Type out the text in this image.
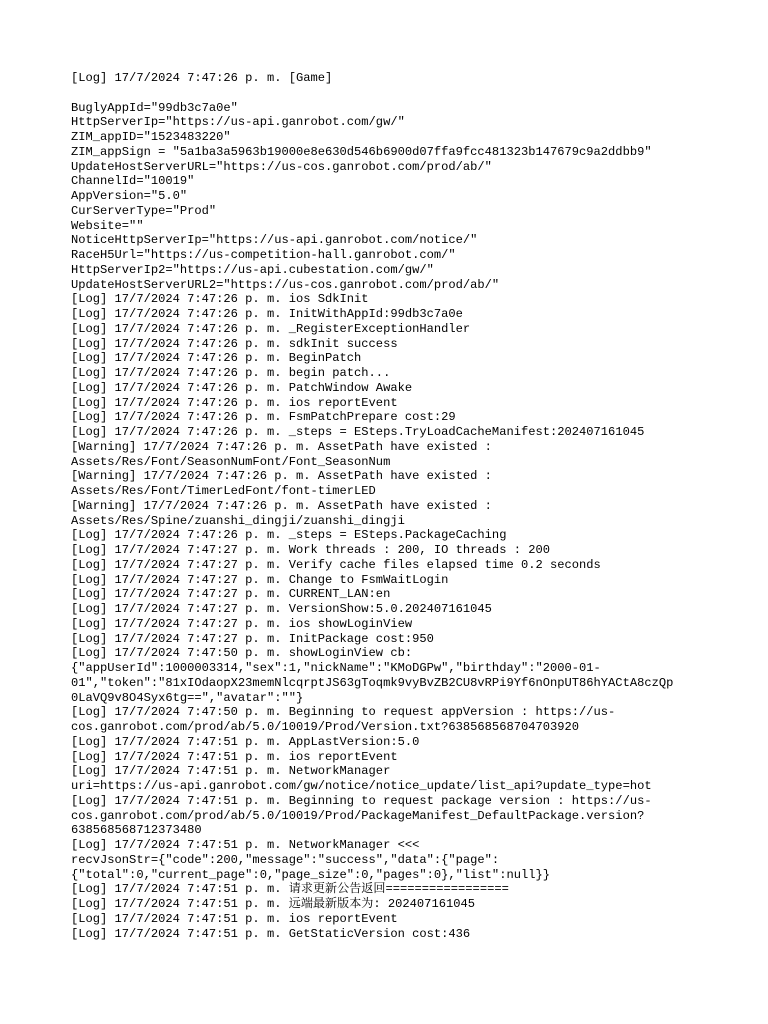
[Log] 17/7/2024 7:47:26 p. m. [Game]
BuglyAppId="99db3c7a0e"
HttpServerIp="https://us-api.ganrobot.com/gw/"
ZIM_appID="1523483220"
ZIM_appSign = "5a1ba3a5963b19000e8e630d546b6900d07ffa9fcc481323b147679c9a2ddbb9"
UpdateHostServerURL="https://us-cos.ganrobot.com/prod/ab/"
ChannelId="10019"
AppVersion="5.0"
CurServerType="Prod"
Website=""
NoticeHttpServerIp="https://us-api.ganrobot.com/notice/"
RaceH5Url="https://us-competition-hall.ganrobot.com/"
HttpServerIp2="https://us-api.cubestation.com/gw/"
UpdateHostServerURL2="https://us-cos.ganrobot.com/prod/ab/"
[Log] 17/7/2024 7:47:26 p. m. ios SdkInit
[Log] 17/7/2024 7:47:26 p. m. InitWithAppId:99db3c7a0e
[Log] 17/7/2024 7:47:26 p. m. _RegisterExceptionHandler
[Log] 17/7/2024 7:47:26 p. m. sdkInit success
[Log] 17/7/2024 7:47:26 p. m. BeginPatch
[Log] 17/7/2024 7:47:26 p. m. begin patch...
[Log] 17/7/2024 7:47:26 p. m. PatchWindow Awake
[Log] 17/7/2024 7:47:26 p. m. ios reportEvent
[Log] 17/7/2024 7:47:26 p. m. FsmPatchPrepare cost:29
[Log] 17/7/2024 7:47:26 p. m. _steps = ESteps.TryLoadCacheManifest:202407161045
[Warning] 17/7/2024 7:47:26 p. m. AssetPath have existed :
Assets/Res/Font/SeasonNumFont/Font_SeasonNum
[Warning] 17/7/2024 7:47:26 p. m. AssetPath have existed :
Assets/Res/Font/TimerLedFont/font-timerLED
[Warning] 17/7/2024 7:47:26 p. m. AssetPath have existed :
Assets/Res/Spine/zuanshi_dingji/zuanshi_dingji
[Log] 17/7/2024 7:47:26 p. m. _steps = ESteps.PackageCaching
[Log] 17/7/2024 7:47:27 p. m. Work threads : 200, IO threads : 200
[Log] 17/7/2024 7:47:27 p. m. Verify cache files elapsed time 0.2 seconds
[Log] 17/7/2024 7:47:27 p. m. Change to FsmWaitLogin
[Log] 17/7/2024 7:47:27 p. m. CURRENT_LAN:en
[Log] 17/7/2024 7:47:27 p. m. VersionShow:5.0.202407161045
[Log] 17/7/2024 7:47:27 p. m. ios showLoginView
[Log] 17/7/2024 7:47:27 p. m. InitPackage cost:950
[Log] 17/7/2024 7:47:50 p. m. showLoginView cb:
{"appUserId":1000003314,"sex":1,"nickName":"KMoDGPw","birthday":"2000-01-
01","token":"81xIOdaopX23memNlcqrptJS63gToqmk9vyBvZB2CU8vRPi9Yf6nOnpUT86hYACtA8czQp
0LaVQ9v8O4Syx6tg==","avatar":""}
[Log] 17/7/2024 7:47:50 p. m. Beginning to request appVersion : https://us-
cos.ganrobot.com/prod/ab/5.0/10019/Prod/Version.txt?638568568704703920
[Log] 17/7/2024 7:47:51 p. m. AppLastVersion:5.0
[Log] 17/7/2024 7:47:51 p. m. ios reportEvent
[Log] 17/7/2024 7:47:51 p. m. NetworkManager
uri=https://us-api.ganrobot.com/gw/notice/notice_update/list_api?update_type=hot
[Log] 17/7/2024 7:47:51 p. m. Beginning to request package version : https://us-
cos.ganrobot.com/prod/ab/5.0/10019/Prod/PackageManifest_DefaultPackage.version?
638568568712373480
[Log] 17/7/2024 7:47:51 p. m. NetworkManager <<<
recvJsonStr={"code":200,"message":"success","data":{"page":
{"total":0,"current_page":0,"page_size":0,"pages":0},"list":null}}
[Log] 17/7/2024 7:47:51 p. m. 请求更新公告返回=================
[Log] 17/7/2024 7:47:51 p. m. 远端最新版本为: 202407161045
[Log] 17/7/2024 7:47:51 p. m. ios reportEvent
[Log] 17/7/2024 7:47:51 p. m. GetStaticVersion cost:436
